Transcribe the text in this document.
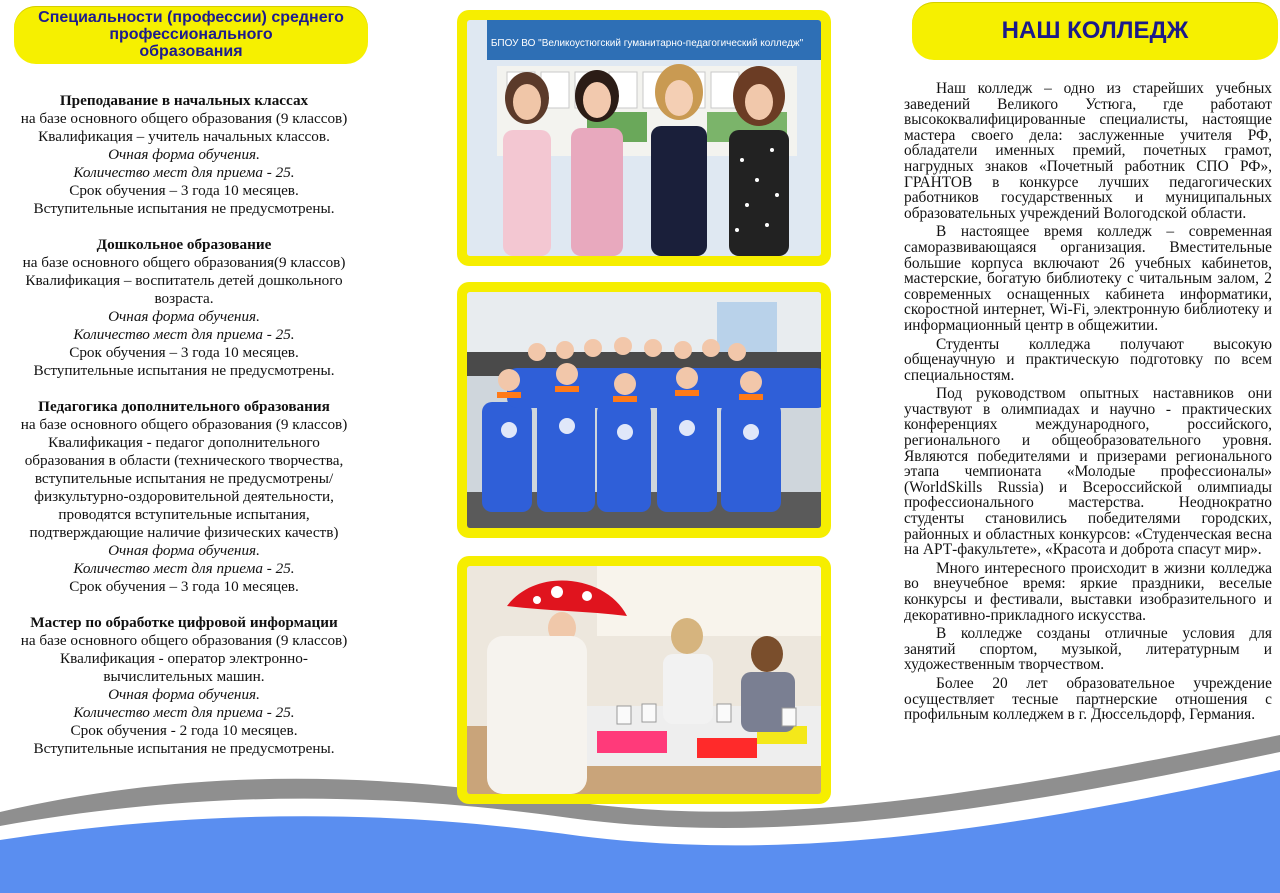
Специальности (профессии) среднего
профессионального
образования
Преподавание в начальных классах
на базе основного общего образования (9 классов)
Квалификация – учитель начальных классов.
Очная форма обучения.
Количество мест для приема - 25.
Срок обучения – 3 года 10 месяцев.
Вступительные испытания не предусмотрены.
Дошкольное образование
на базе основного общего образования(9 классов)
Квалификация – воспитатель детей дошкольного
возраста.
Очная форма обучения.
Количество мест для приема - 25.
Срок обучения – 3 года 10 месяцев.
Вступительные испытания не предусмотрены.
Педагогика дополнительного образования
на базе основного общего образования (9 классов)
Квалификация - педагог дополнительного
образования в области (технического творчества,
вступительные испытания не предусмотрены/
физкультурно-оздоровительной деятельности,
проводятся вступительные испытания,
подтверждающие наличие физических качеств)
Очная форма обучения.
Количество мест для приема - 25.
Срок обучения – 3 года 10 месяцев.
Мастер по обработке цифровой информации
на базе основного общего образования (9 классов)
Квалификация - оператор электронно-
вычислительных машин.
Очная форма обучения.
Количество мест для приема - 25.
Срок обучения - 2 года 10 месяцев.
Вступительные испытания не предусмотрены.
БПОУ ВО "Великоустюгский гуманитарно-педагогический колледж"	НАШ КОЛЛЕДЖ

Наш колледж – одно из старейших учебных заведений Великого Устюга, где работают высококвалифицированные специалисты, настоящие мастера своего дела: заслуженные учителя РФ, обладатели именных премий, почетных грамот, нагрудных знаков «Почетный работник СПО РФ», ГРАНТОВ в конкурсе лучших педагогических работников государственных и муниципальных образовательных учреждений Вологодской области.

В настоящее время колледж – современная саморазвивающаяся организация. Вместительные большие корпуса включают 26 учебных кабинетов, мастерские, богатую библиотеку с читальным залом, 2 современных оснащенных кабинета информатики, скоростной интернет, Wi-Fi, электронную библиотеку и информационный центр в общежитии.

Студенты колледжа получают высокую общенаучную и практическую подготовку по всем специальностям.

Под руководством опытных наставников они участвуют в олимпиадах и научно - практических конференциях международного, российского, регионального и общеобразовательного уровня. Являются победителями и призерами регионального этапа чемпионата «Молодые профессионалы» (WorldSkills Russia) и Всероссийской олимпиады профессионального мастерства. Неоднократно студенты становились победителями городских, районных и областных конкурсов: «Студенческая весна на АРТ-факультете», «Красота и доброта спасут мир».

Много интересного происходит в жизни колледжа во внеучебное время: яркие праздники, веселые конкурсы и фестивали, выставки изобразительного и декоративно-прикладного искусства.

В колледже созданы отличные условия для занятий спортом, музыкой, литературным и художественным творчеством.

Более 20 лет образовательное учреждение осуществляет тесные партнерские отношения с профильным колледжем в г. Дюссельдорф, Германия.
